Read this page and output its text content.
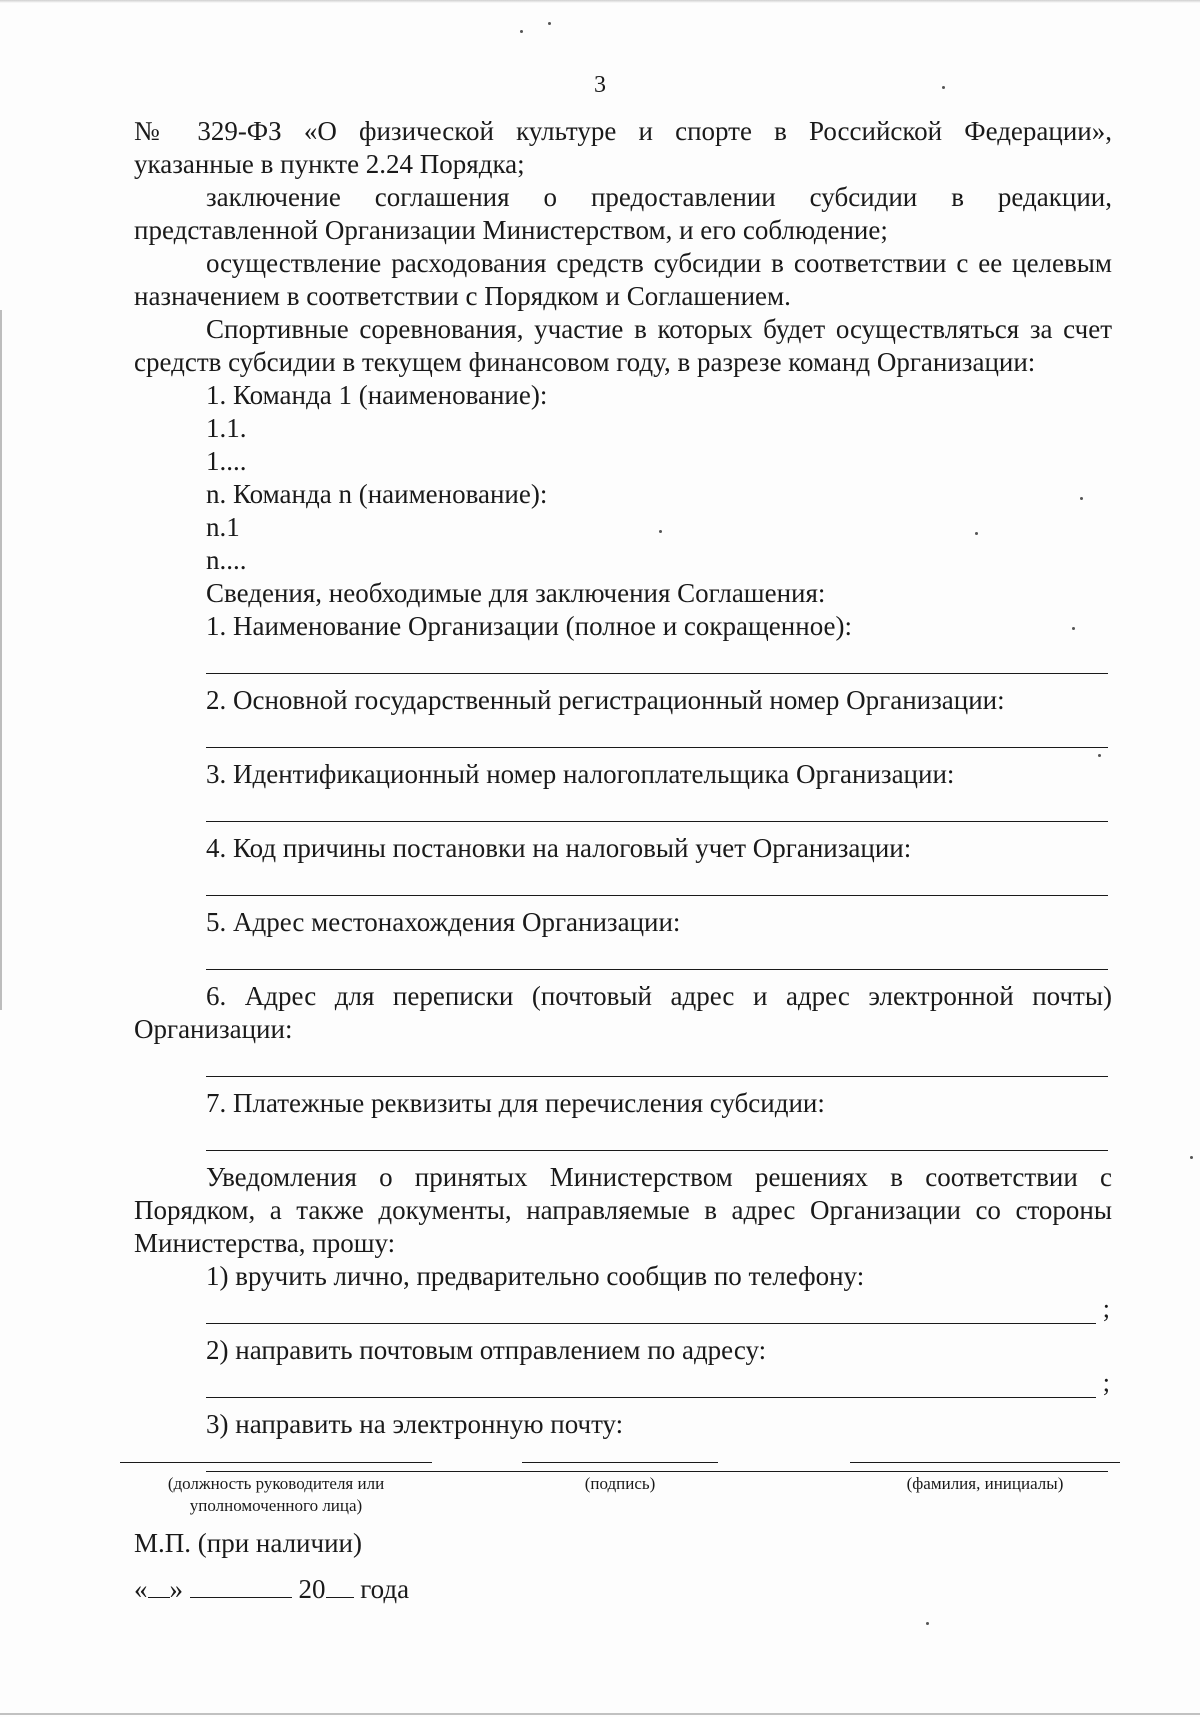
3

№ 329-ФЗ «О физической культуре и спорте в Российской Федерации»,

указанные в пункте 2.24 Порядка;

заключение соглашения о предоставлении субсидии в редакции, представленной Организации Министерством, и его соблюдение;

осуществление расходования средств субсидии в соответствии с ее целевым назначением в соответствии с Порядком и Соглашением.

Спортивные соревнования, участие в которых будет осуществляться за счет средств субсидии в текущем финансовом году, в разрезе команд Организации:

1. Команда 1 (наименование):

1.1.

1....

n. Команда n (наименование):

n.1

n....

Сведения, необходимые для заключения Соглашения:

1. Наименование Организации (полное и сокращенное):

2. Основной государственный регистрационный номер Организации:

3. Идентификационный номер налогоплательщика Организации:

4. Код причины постановки на налоговый учет Организации:

5. Адрес местонахождения Организации:

6. Адрес для переписки (почтовый адрес и адрес электронной почты) Организации:

7. Платежные реквизиты для перечисления субсидии:

Уведомления о принятых Министерством решениях в соответствии с Порядком, а также документы, направляемые в адрес Организации со стороны Министерства, прошу:

1) вручить лично, предварительно сообщив по телефону:

;

2) направить почтовым отправлением по адресу:

;

3) направить на электронную почту:

(должность руководителя или
уполномоченного лица)
(подпись)	(фамилия, инициалы)
М.П. (при наличии)
« »	20 года
